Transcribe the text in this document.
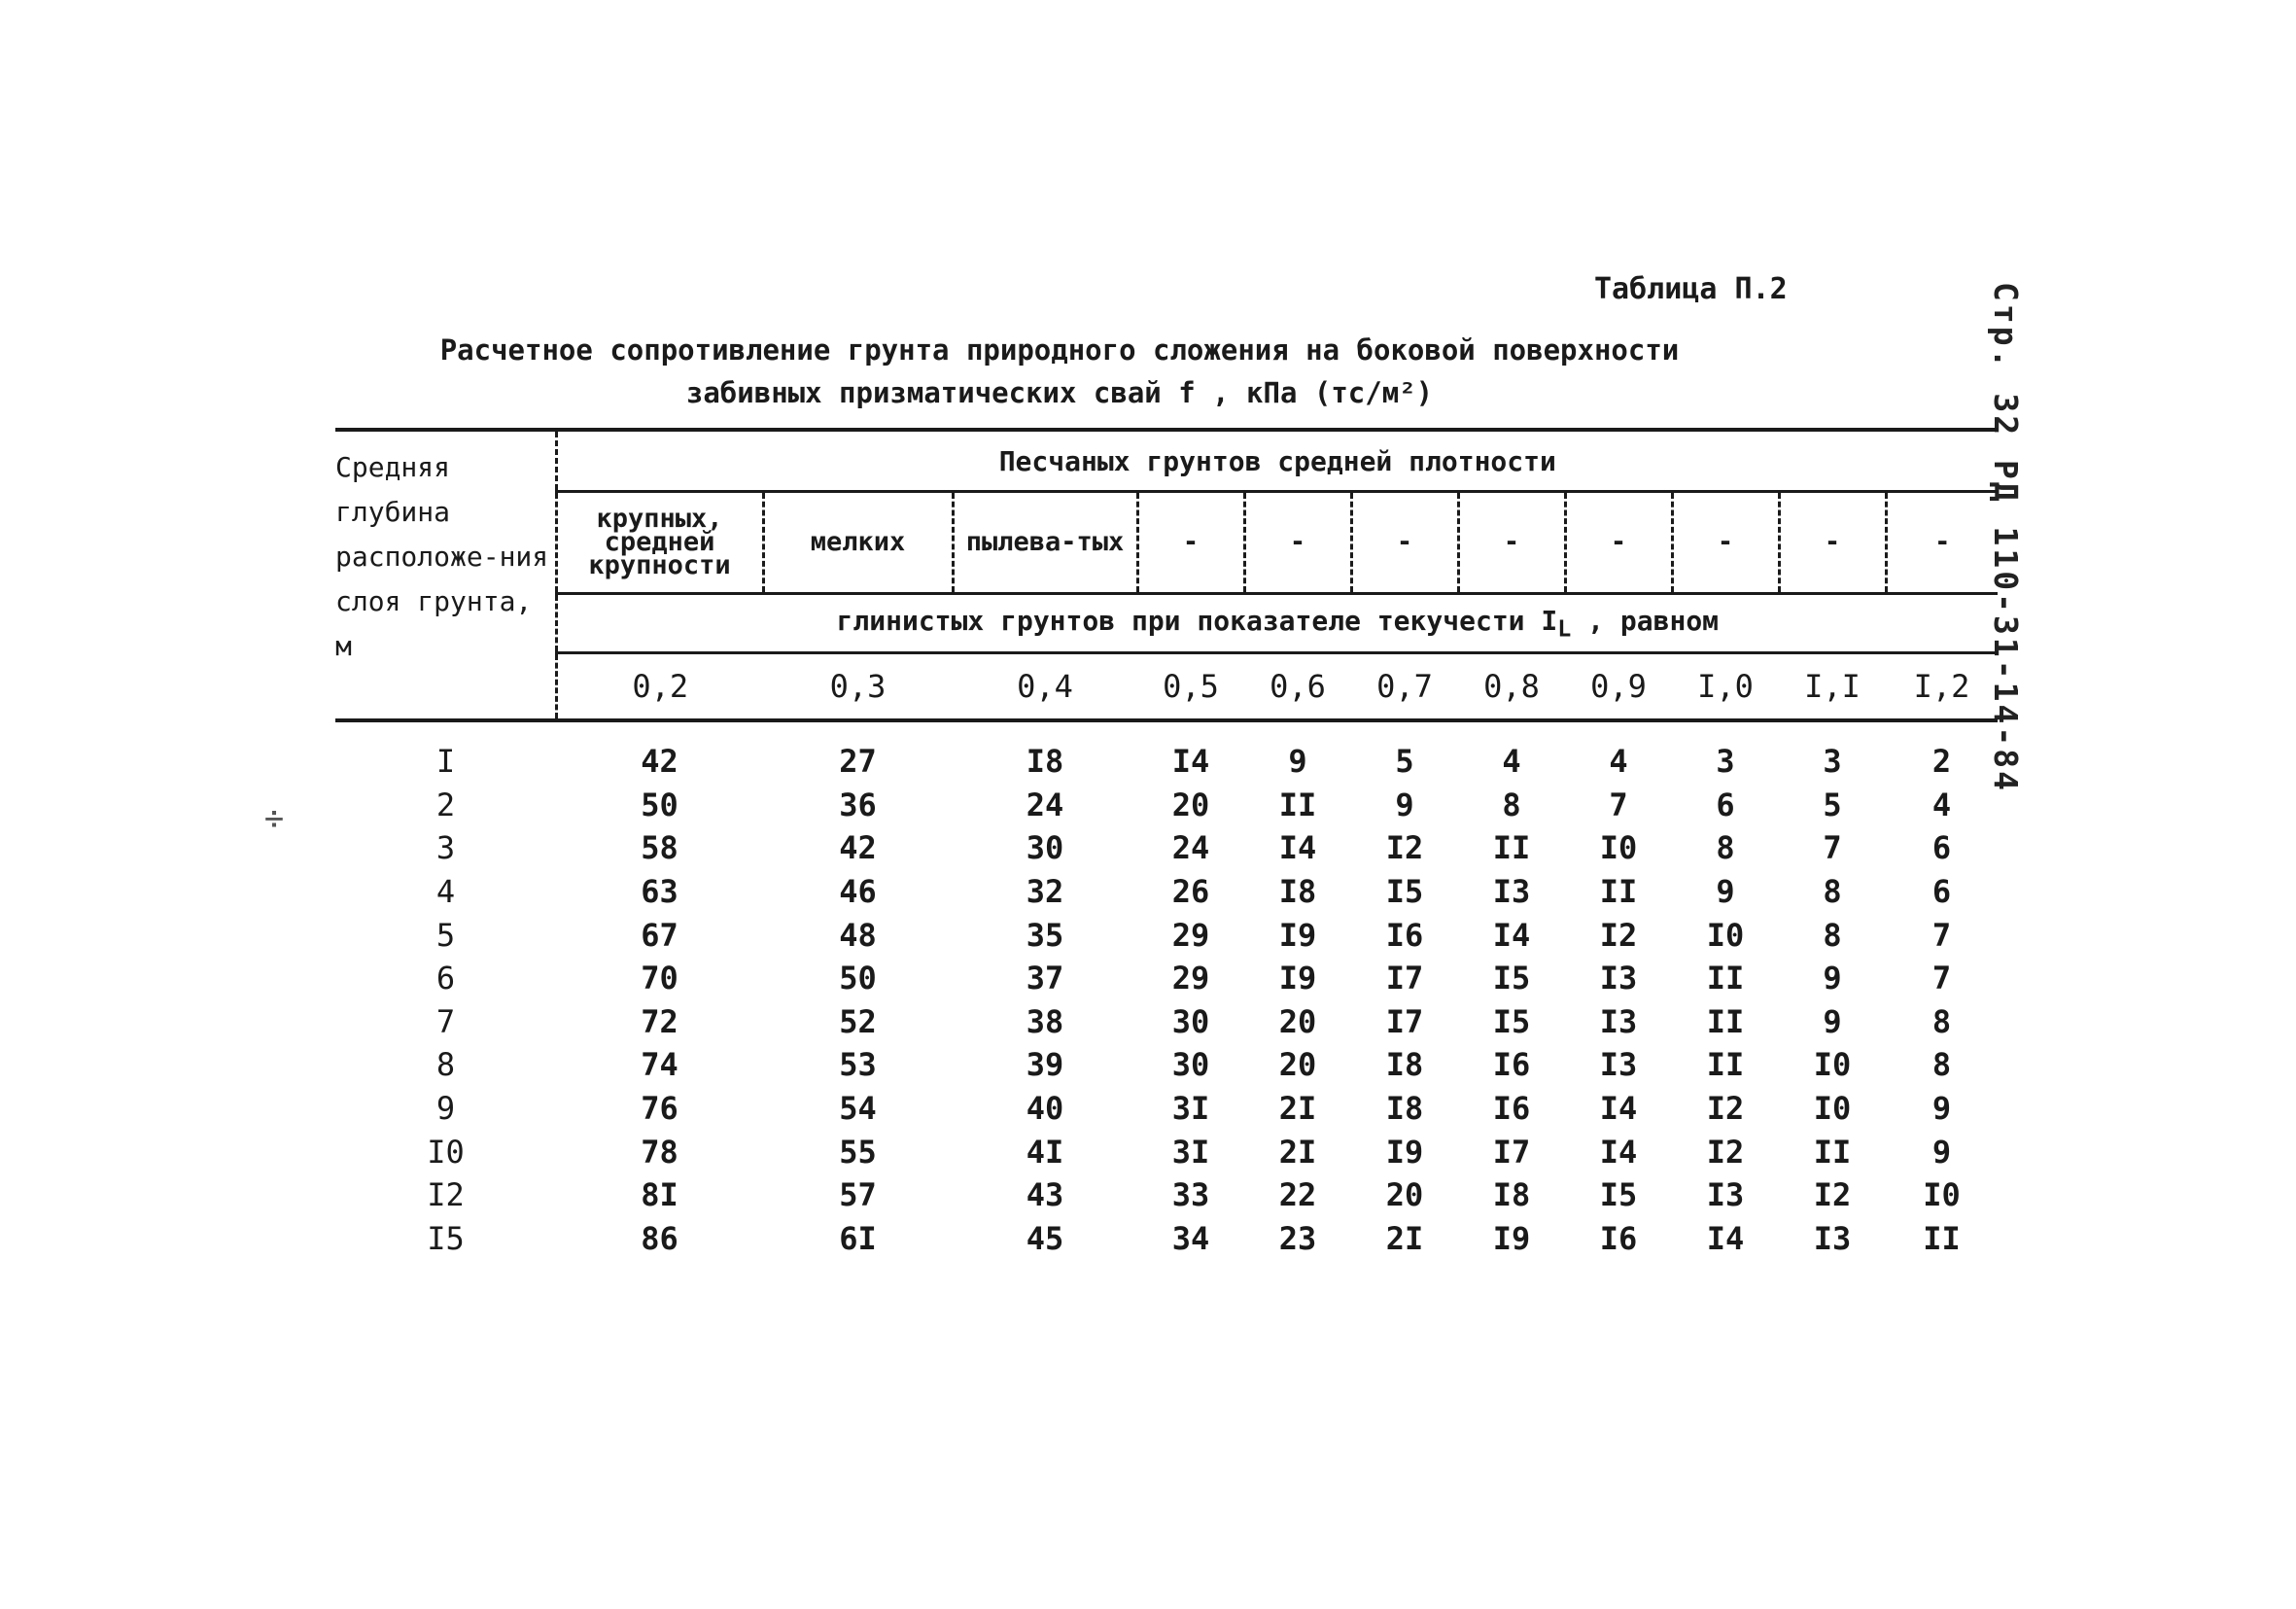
Стр. 32 РД 110-31-14-84
Таблица П.2
Расчетное сопротивление грунта природного сложения на боковой поверхности
забивных призматических свай f , кПа (тс/м²)
÷
Средняя глубина расположе-ния слоя грунта, м	Песчаных грунтов средней плотности										
	крупных, средней крупности	мелких	пылева-тых	-	-	-	-	-	-	-	-
	глинистых грунтов при показателе текучести $I_L$ , равном										
	0,2	0,3	0,4	0,5	0,6	0,7	0,8	0,9	I,0	I,I	I,2

I	42	27	I8	I4	9	5	4	4	3	3	2
2	50	36	24	20	II	9	8	7	6	5	4
3	58	42	30	24	I4	I2	II	I0	8	7	6
4	63	46	32	26	I8	I5	I3	II	9	8	6
5	67	48	35	29	I9	I6	I4	I2	I0	8	7
6	70	50	37	29	I9	I7	I5	I3	II	9	7
7	72	52	38	30	20	I7	I5	I3	II	9	8
8	74	53	39	30	20	I8	I6	I3	II	I0	8
9	76	54	40	3I	2I	I8	I6	I4	I2	I0	9
I0	78	55	4I	3I	2I	I9	I7	I4	I2	II	9
I2	8I	57	43	33	22	20	I8	I5	I3	I2	I0
I5	86	6I	45	34	23	2I	I9	I6	I4	I3	II
